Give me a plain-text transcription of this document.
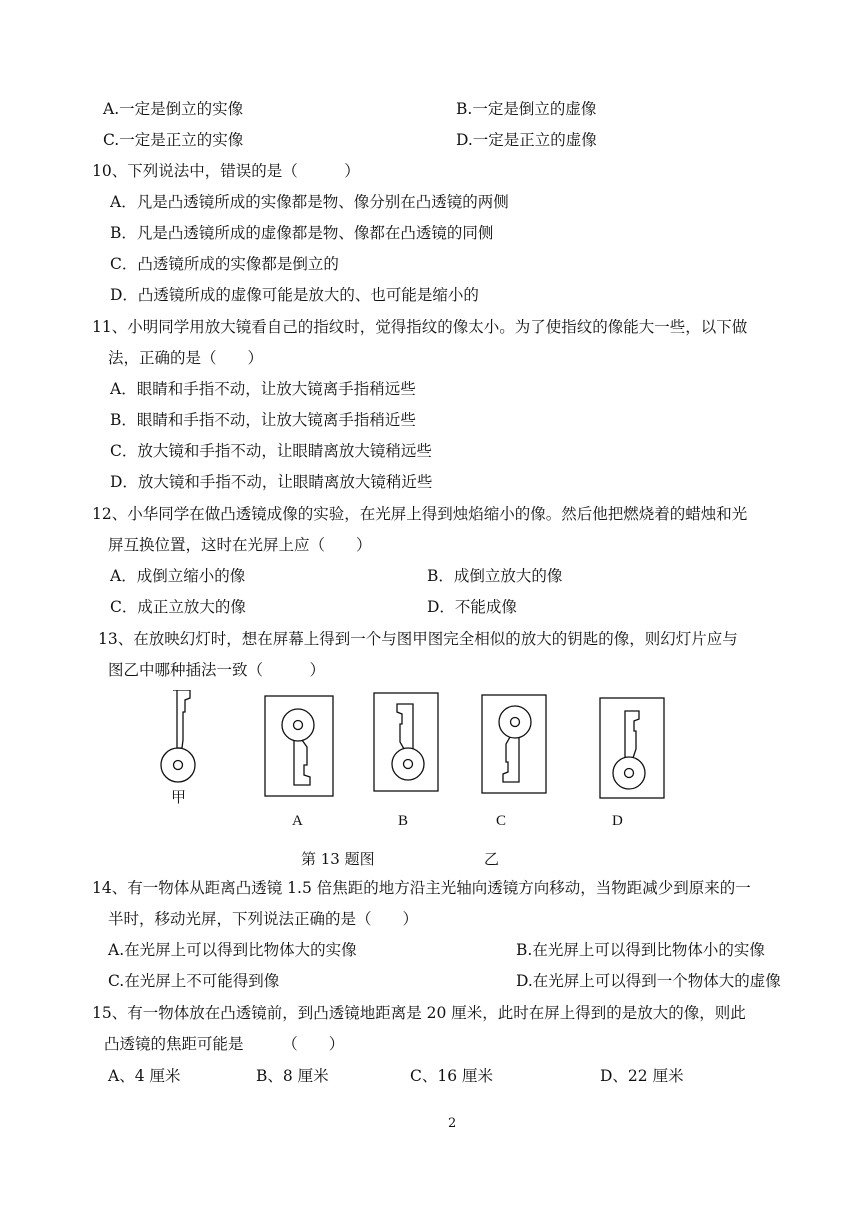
A.一定是倒立的实像	B.一定是倒立的虚像
C.一定是正立的实像	D.一定是正立的虚像
10、下列说法中，错误的是（　　　）
A．凡是凸透镜所成的实像都是物、像分别在凸透镜的两侧
B．凡是凸透镜所成的虚像都是物、像都在凸透镜的同侧
C．凸透镜所成的实像都是倒立的
D．凸透镜所成的虚像可能是放大的、也可能是缩小的
11、小明同学用放大镜看自己的指纹时，觉得指纹的像太小。为了使指纹的像能大一些，以下做
法，正确的是（　　）
A．眼睛和手指不动，让放大镜离手指稍远些
B．眼睛和手指不动，让放大镜离手指稍近些
C．放大镜和手指不动，让眼睛离放大镜稍远些
D．放大镜和手指不动，让眼睛离放大镜稍近些
12、小华同学在做凸透镜成像的实验，在光屏上得到烛焰缩小的像。然后他把燃烧着的蜡烛和光
屏互换位置，这时在光屏上应（　　）
A．成倒立缩小的像	B．成倒立放大的像
C．成正立放大的像	D．不能成像
13、在放映幻灯时，想在屏幕上得到一个与图甲图完全相似的放大的钥匙的像，则幻灯片应与
图乙中哪种插法一致（　　　）
甲
A	B	C	D
第 13 题图	乙
14、有一物体从距离凸透镜 1.5 倍焦距的地方沿主光轴向透镜方向移动，当物距减少到原来的一
半时，移动光屏，下列说法正确的是（　　）
A.在光屏上可以得到比物体大的实像	B.在光屏上可以得到比物体小的实像
C.在光屏上不可能得到像	D.在光屏上可以得到一个物体大的虚像
15、有一物体放在凸透镜前，到凸透镜地距离是 20 厘米，此时在屏上得到的是放大的像，则此
凸透镜的焦距可能是　　　（　　）
A、4 厘米	B、8 厘米	C、16 厘米	D、22 厘米
2
